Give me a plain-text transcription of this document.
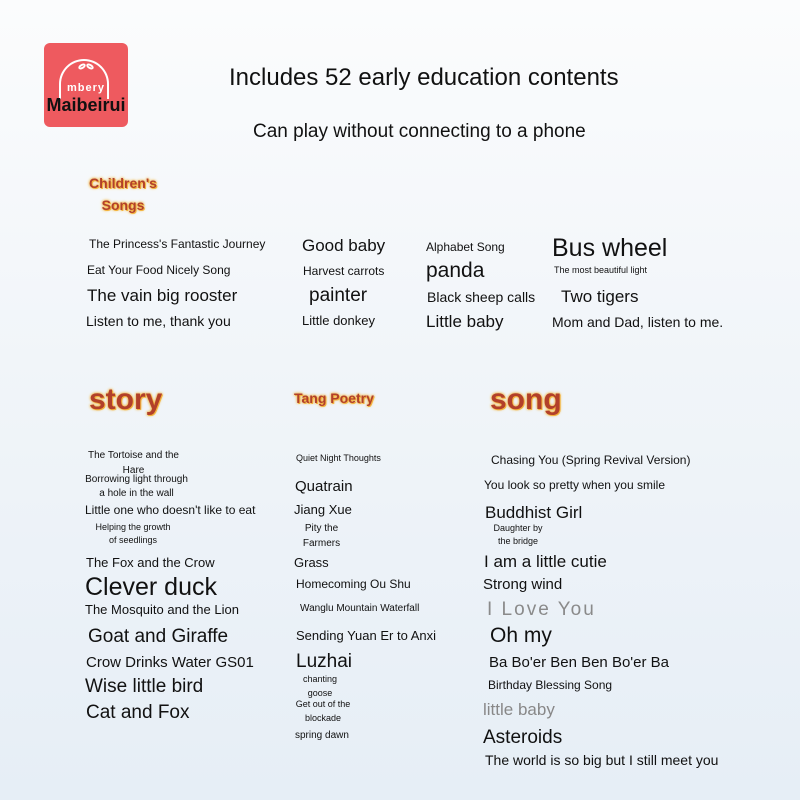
mbery
Maibeirui
Includes 52 early education contents
Can play without connecting to a phone
Children's Songs
The Princess's Fantastic Journey
Eat Your Food Nicely Song
The vain big rooster
Listen to me, thank you
Good baby
Harvest carrots
painter
Little donkey
Alphabet Song
panda
Black sheep calls
Little baby
Bus wheel
The most beautiful light
Two tigers
Mom and Dad, listen to me.
story	Tang Poetry	song
The Tortoise and the Hare
Borrowing light through a hole in the wall
Little one who doesn't like to eat
Helping the growth of seedlings
The Fox and the Crow
Clever duck
The Mosquito and the Lion
Goat and Giraffe
Crow Drinks Water GS01
Wise little bird
Cat and Fox
Quiet Night Thoughts
Quatrain
Jiang Xue
Pity the Farmers
Grass
Homecoming Ou Shu
Wanglu Mountain Waterfall
Sending Yuan Er to Anxi
Luzhai
chanting goose
Get out of the blockade
spring dawn
Chasing You (Spring Revival Version)
You look so pretty when you smile
Buddhist Girl
Daughter by the bridge
I am a little cutie
Strong wind
I Love You
Oh my
Ba Bo'er Ben Ben Bo'er Ba
Birthday Blessing Song
little baby
Asteroids
The world is so big but I still meet you
